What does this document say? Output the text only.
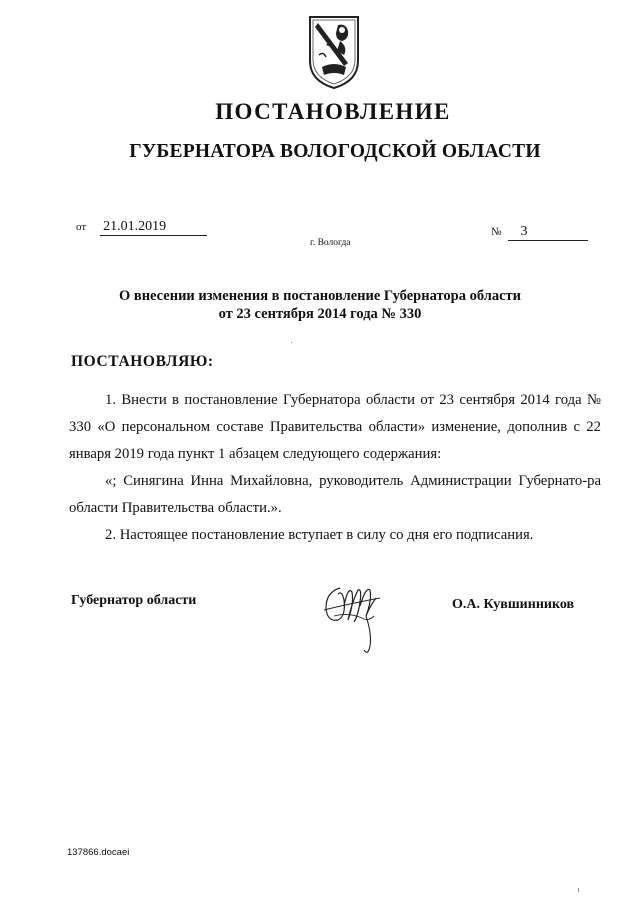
ПОСТАНОВЛЕНИЕ
ГУБЕРНАТОРА ВОЛОГОДСКОЙ ОБЛАСТИ
от 21.01.2019	№ 3
г. Вологда
О внесении изменения в постановление Губернатора области
от 23 сентября 2014 года № 330
ПОСТАНОВЛЯЮ:

1. Внести в постановление Губернатора области от 23 сентября 2014 года № 330 «О персональном составе Правительства области» изменение, дополнив с 22 января 2019 года пункт 1 абзацем следующего содержания:

«; Синягина Инна Михайловна, руководитель Администрации Губернато-ра области Правительства области.».

2. Настоящее постановление вступает в силу со дня его подписания.

Губернатор области	О.А. Кувшинников
137866.docaei
